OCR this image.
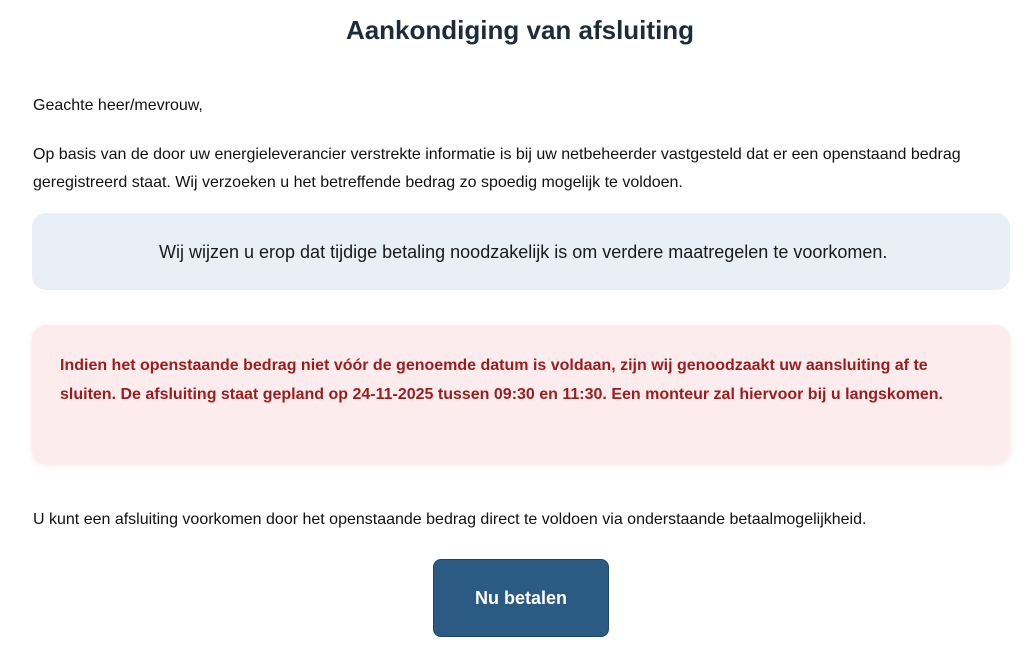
Aankondiging van afsluiting

Geachte heer/mevrouw,

Op basis van de door uw energieleverancier verstrekte informatie is bij uw netbeheerder vastgesteld dat er een openstaand bedrag geregistreerd staat. Wij verzoeken u het betreffende bedrag zo spoedig mogelijk te voldoen.

Wij wijzen u erop dat tijdige betaling noodzakelijk is om verdere maatregelen te voorkomen.

Indien het openstaande bedrag niet vóór de genoemde datum is voldaan, zijn wij genoodzaakt uw aansluiting af te sluiten. De afsluiting staat gepland op 24-11-2025 tussen 09:30 en 11:30. Een monteur zal hiervoor bij u langskomen.

U kunt een afsluiting voorkomen door het openstaande bedrag direct te voldoen via onderstaande betaalmogelijkheid.

Nu betalen
